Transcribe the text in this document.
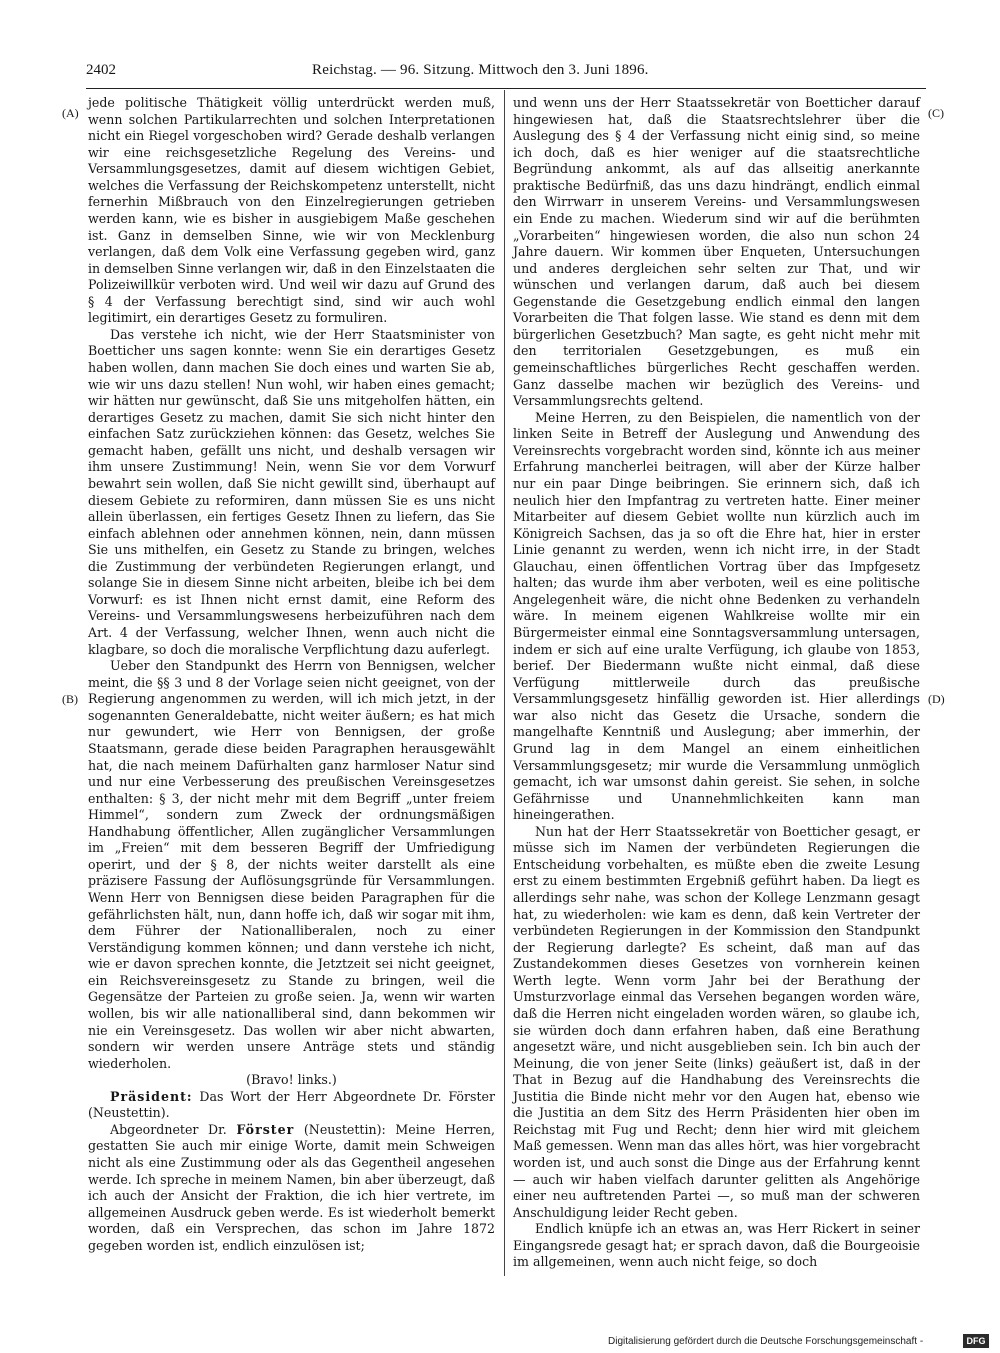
2402	Reichstag. — 96. Sitzung. Mittwoch den 3. Juni 1896.
(A)
(B)
(C)
(D)

jede politische Thätigkeit völlig unterdrückt werden muß, wenn solchen Partikularrechten und solchen Interpretationen nicht ein Riegel vorgeschoben wird? Gerade deshalb verlangen wir eine reichsgesetzliche Regelung des Vereins- und Versammlungsgesetzes, damit auf diesem wichtigen Gebiet, welches die Verfassung der Reichskompetenz unterstellt, nicht fernerhin Mißbrauch von den Einzelregierungen getrieben werden kann, wie es bisher in ausgiebigem Maße geschehen ist. Ganz in demselben Sinne, wie wir von Mecklenburg verlangen, daß dem Volk eine Verfassung gegeben wird, ganz in demselben Sinne verlangen wir, daß in den Einzelstaaten die Polizeiwillkür verboten wird. Und weil wir dazu auf Grund des § 4 der Verfassung berechtigt sind, sind wir auch wohl legitimirt, ein derartiges Gesetz zu formuliren.

Das verstehe ich nicht, wie der Herr Staatsminister von Boetticher uns sagen konnte: wenn Sie ein derartiges Gesetz haben wollen, dann machen Sie doch eines und warten Sie ab, wie wir uns dazu stellen! Nun wohl, wir haben eines gemacht; wir hätten nur gewünscht, daß Sie uns mitgeholfen hätten, ein derartiges Gesetz zu machen, damit Sie sich nicht hinter den einfachen Satz zurückziehen können: das Gesetz, welches Sie gemacht haben, gefällt uns nicht, und deshalb versagen wir ihm unsere Zustimmung! Nein, wenn Sie vor dem Vorwurf bewahrt sein wollen, daß Sie nicht gewillt sind, überhaupt auf diesem Gebiete zu reformiren, dann müssen Sie es uns nicht allein überlassen, ein fertiges Gesetz Ihnen zu liefern, das Sie einfach ablehnen oder annehmen können, nein, dann müssen Sie uns mithelfen, ein Gesetz zu Stande zu bringen, welches die Zustimmung der verbündeten Regierungen erlangt, und solange Sie in diesem Sinne nicht arbeiten, bleibe ich bei dem Vorwurf: es ist Ihnen nicht ernst damit, eine Reform des Vereins- und Versammlungswesens herbeizuführen nach dem Art. 4 der Verfassung, welcher Ihnen, wenn auch nicht die klagbare, so doch die moralische Verpflichtung dazu auferlegt.

Ueber den Standpunkt des Herrn von Bennigsen, welcher meint, die §§ 3 und 8 der Vorlage seien nicht geeignet, von der Regierung angenommen zu werden, will ich mich jetzt, in der sogenannten Generaldebatte, nicht weiter äußern; es hat mich nur gewundert, wie Herr von Bennigsen, der große Staatsmann, gerade diese beiden Paragraphen herausgewählt hat, die nach meinem Dafürhalten ganz harmloser Natur sind und nur eine Verbesserung des preußischen Vereinsgesetzes enthalten: § 3, der nicht mehr mit dem Begriff „unter freiem Himmel“, sondern zum Zweck der ordnungsmäßigen Handhabung öffentlicher, Allen zugänglicher Versammlungen im „Freien“ mit dem besseren Begriff der Umfriedigung operirt, und der § 8, der nichts weiter darstellt als eine präzisere Fassung der Auflösungsgründe für Versammlungen. Wenn Herr von Bennigsen diese beiden Paragraphen für die gefährlichsten hält, nun, dann hoffe ich, daß wir sogar mit ihm, dem Führer der Nationalliberalen, noch zu einer Verständigung kommen können; und dann verstehe ich nicht, wie er davon sprechen konnte, die Jetztzeit sei nicht geeignet, ein Reichsvereinsgesetz zu Stande zu bringen, weil die Gegensätze der Parteien zu große seien. Ja, wenn wir warten wollen, bis wir alle nationalliberal sind, dann bekommen wir nie ein Vereinsgesetz. Das wollen wir aber nicht abwarten, sondern wir werden unsere Anträge stets und ständig wiederholen.

(Bravo! links.)

Präsident: Das Wort der Herr Abgeordnete Dr. Förster (Neustettin).

Abgeordneter Dr. Förster (Neustettin): Meine Herren, gestatten Sie auch mir einige Worte, damit mein Schweigen nicht als eine Zustimmung oder als das Gegentheil angesehen werde. Ich spreche in meinem Namen, bin aber überzeugt, daß ich auch der Ansicht der Fraktion, die ich hier vertrete, im allgemeinen Ausdruck geben werde. Es ist wiederholt bemerkt worden, daß ein Versprechen, das schon im Jahre 1872 gegeben worden ist, endlich einzulösen ist;

und wenn uns der Herr Staatssekretär von Boetticher darauf hingewiesen hat, daß die Staatsrechtslehrer über die Auslegung des § 4 der Verfassung nicht einig sind, so meine ich doch, daß es hier weniger auf die staatsrechtliche Begründung ankommt, als auf das allseitig anerkannte praktische Bedürfniß, das uns dazu hindrängt, endlich einmal den Wirrwarr in unserem Vereins- und Versammlungswesen ein Ende zu machen. Wiederum sind wir auf die berühmten „Vorarbeiten“ hingewiesen worden, die also nun schon 24 Jahre dauern. Wir kommen über Enqueten, Untersuchungen und anderes dergleichen sehr selten zur That, und wir wünschen und verlangen darum, daß auch bei diesem Gegenstande die Gesetzgebung endlich einmal den langen Vorarbeiten die That folgen lasse. Wie stand es denn mit dem bürgerlichen Gesetzbuch? Man sagte, es geht nicht mehr mit den territorialen Gesetzgebungen, es muß ein gemeinschaftliches bürgerliches Recht geschaffen werden. Ganz dasselbe machen wir bezüglich des Vereins- und Versammlungsrechts geltend.

Meine Herren, zu den Beispielen, die namentlich von der linken Seite in Betreff der Auslegung und Anwendung des Vereinsrechts vorgebracht worden sind, könnte ich aus meiner Erfahrung mancherlei beitragen, will aber der Kürze halber nur ein paar Dinge beibringen. Sie erinnern sich, daß ich neulich hier den Impfantrag zu vertreten hatte. Einer meiner Mitarbeiter auf diesem Gebiet wollte nun kürzlich auch im Königreich Sachsen, das ja so oft die Ehre hat, hier in erster Linie genannt zu werden, wenn ich nicht irre, in der Stadt Glauchau, einen öffentlichen Vortrag über das Impfgesetz halten; das wurde ihm aber verboten, weil es eine politische Angelegenheit wäre, die nicht ohne Bedenken zu verhandeln wäre. In meinem eigenen Wahlkreise wollte mir ein Bürgermeister einmal eine Sonntagsversammlung untersagen, indem er sich auf eine uralte Verfügung, ich glaube von 1853, berief. Der Biedermann wußte nicht einmal, daß diese Verfügung mittlerweile durch das preußische Versammlungsgesetz hinfällig geworden ist. Hier allerdings war also nicht das Gesetz die Ursache, sondern die mangelhafte Kenntniß und Auslegung; aber immerhin, der Grund lag in dem Mangel an einem einheitlichen Versammlungsgesetz; mir wurde die Versammlung unmöglich gemacht, ich war umsonst dahin gereist. Sie sehen, in solche Gefährnisse und Unannehmlichkeiten kann man hineingerathen.

Nun hat der Herr Staatssekretär von Boetticher gesagt, er müsse sich im Namen der verbündeten Regierungen die Entscheidung vorbehalten, es müßte eben die zweite Lesung erst zu einem bestimmten Ergebniß geführt haben. Da liegt es allerdings sehr nahe, was schon der Kollege Lenzmann gesagt hat, zu wiederholen: wie kam es denn, daß kein Vertreter der verbündeten Regierungen in der Kommission den Standpunkt der Regierung darlegte? Es scheint, daß man auf das Zustandekommen dieses Gesetzes von vornherein keinen Werth legte. Wenn vorm Jahr bei der Berathung der Umsturzvorlage einmal das Versehen begangen worden wäre, daß die Herren nicht eingeladen worden wären, so glaube ich, sie würden doch dann erfahren haben, daß eine Berathung angesetzt wäre, und nicht ausgeblieben sein. Ich bin auch der Meinung, die von jener Seite (links) geäußert ist, daß in der That in Bezug auf die Handhabung des Vereinsrechts die Justitia die Binde nicht mehr vor den Augen hat, ebenso wie die Justitia an dem Sitz des Herrn Präsidenten hier oben im Reichstag mit Fug und Recht; denn hier wird mit gleichem Maß gemessen. Wenn man das alles hört, was hier vorgebracht worden ist, und auch sonst die Dinge aus der Erfahrung kennt — auch wir haben vielfach darunter gelitten als Angehörige einer neu auftretenden Partei —, so muß man der schweren Anschuldigung leider Recht geben.

Endlich knüpfe ich an etwas an, was Herr Rickert in seiner Eingangsrede gesagt hat; er sprach davon, daß die Bourgeoisie im allgemeinen, wenn auch nicht feige, so doch

Digitalisierung gefördert durch die Deutsche Forschungsgemeinschaft -	DFG
